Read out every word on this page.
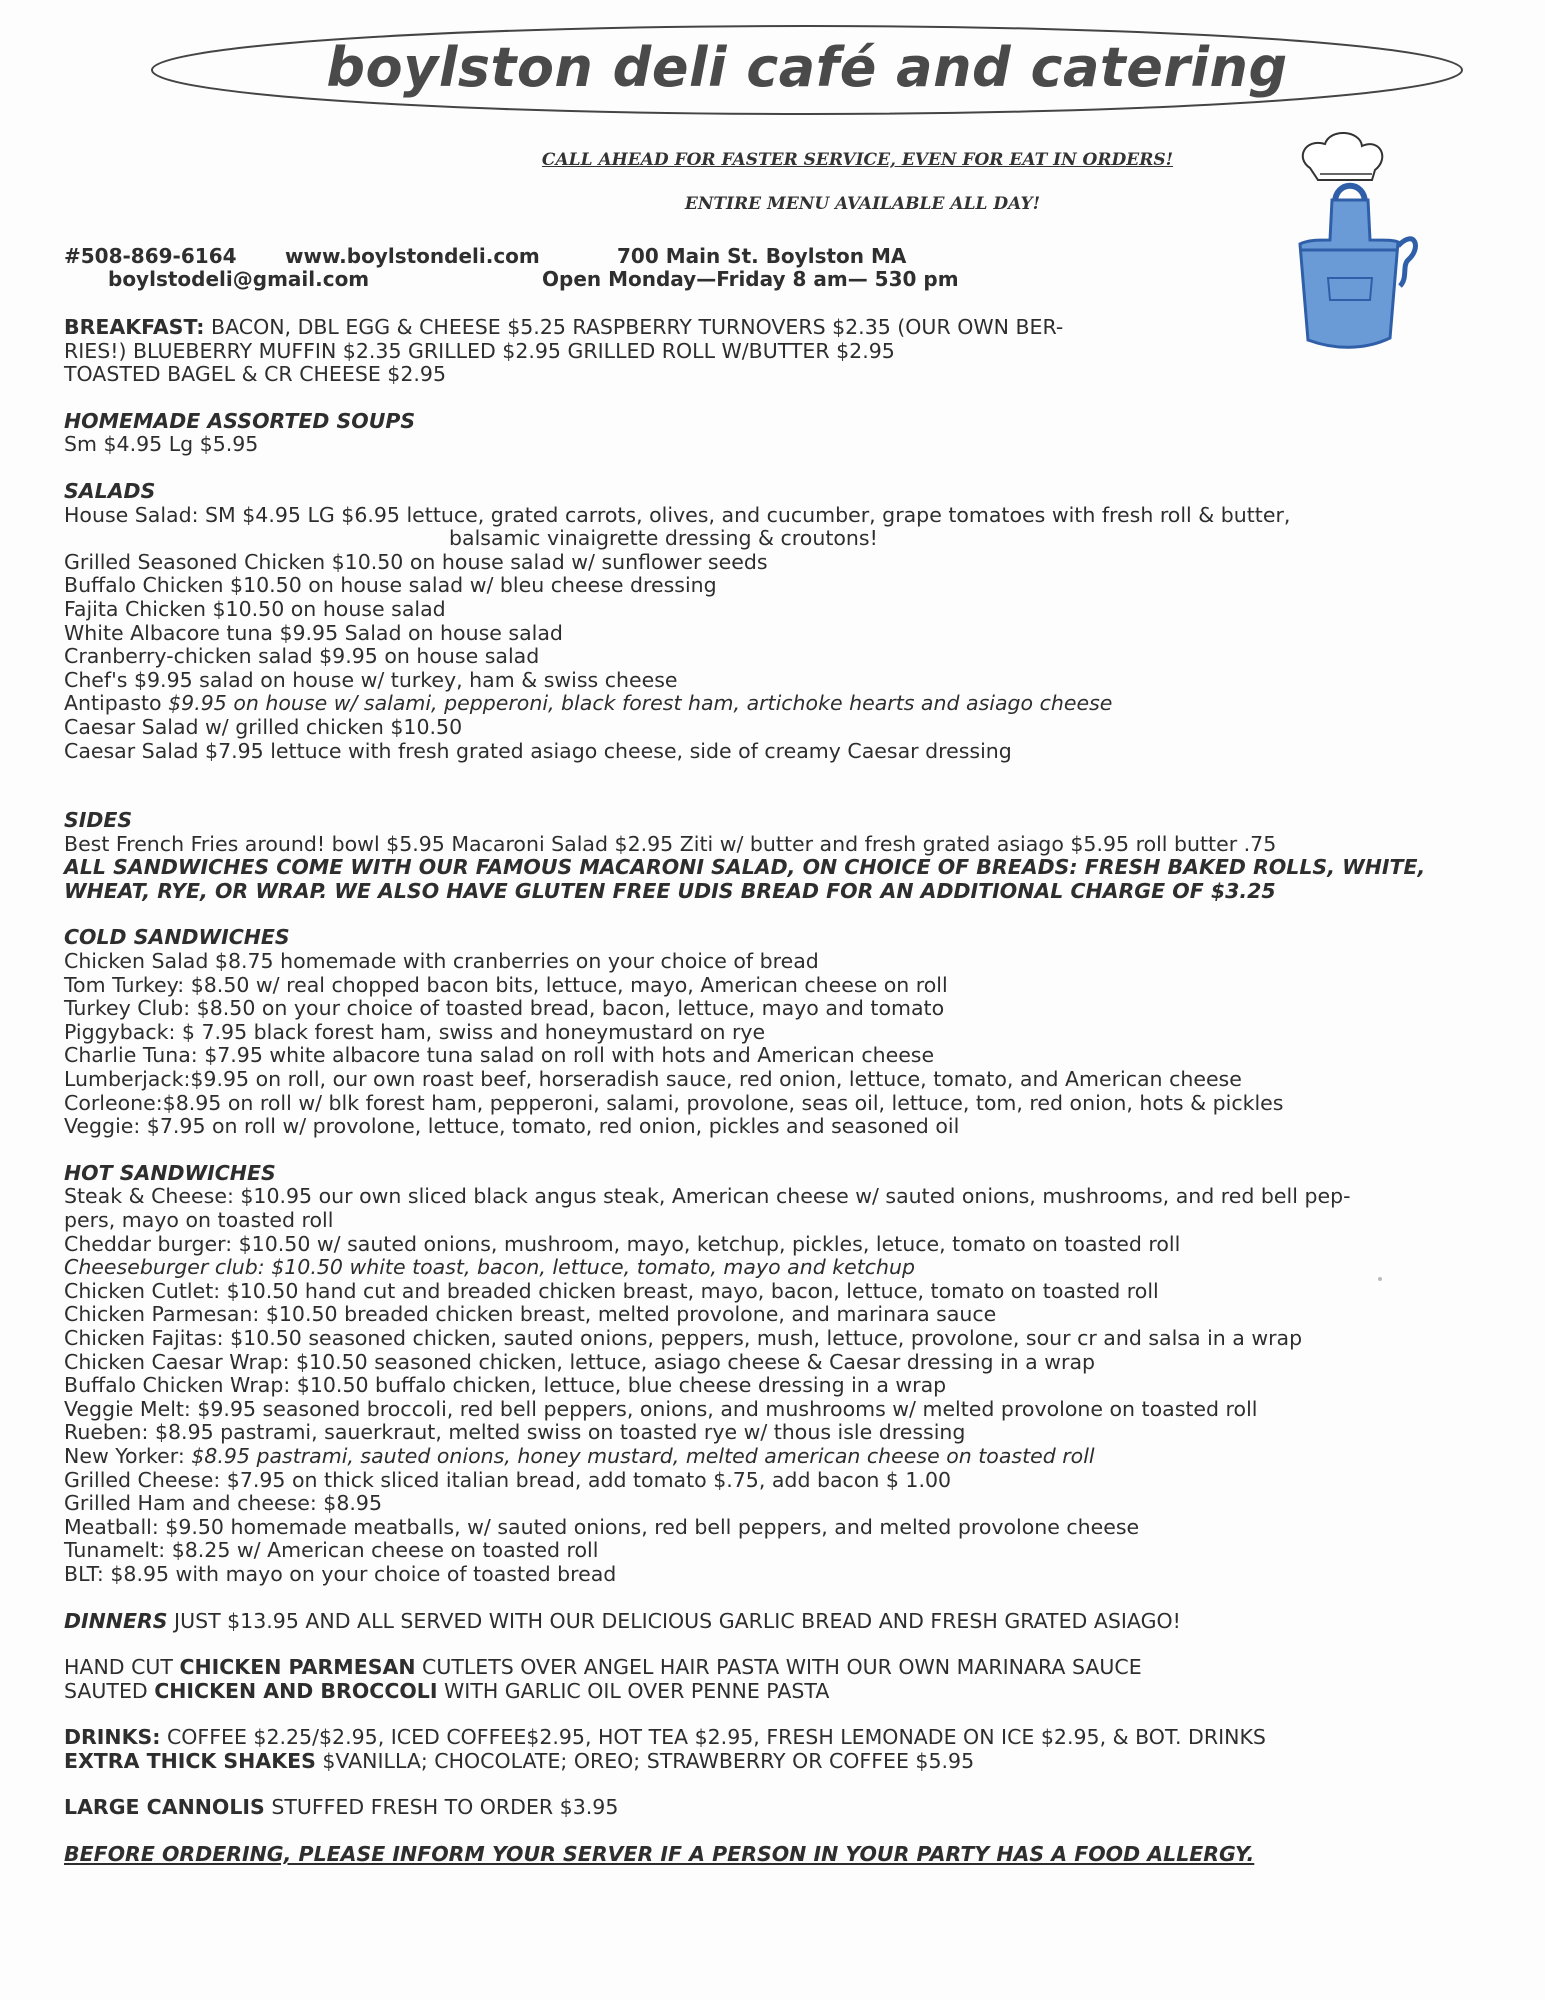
boylston deli café and catering
CALL AHEAD FOR FASTER SERVICE, EVEN FOR EAT IN ORDERS!
ENTIRE MENU AVAILABLE ALL DAY!
#508-869-6164 www.boylstondeli.com	700 Main St. Boylston MA
boylstodeli@gmail.com	Open Monday—Friday 8 am— 530 pm
BREAKFAST: BACON, DBL EGG & CHEESE $5.25 RASPBERRY TURNOVERS $2.35 (OUR OWN BER-
RIES!) BLUEBERRY MUFFIN $2.35 GRILLED $2.95 GRILLED ROLL W/BUTTER $2.95
TOASTED BAGEL & CR CHEESE $2.95
HOMEMADE ASSORTED SOUPS
Sm $4.95 Lg $5.95
SALADS
House Salad: SM $4.95 LG $6.95 lettuce, grated carrots, olives, and cucumber, grape tomatoes with fresh roll & butter,
balsamic vinaigrette dressing & croutons!
Grilled Seasoned Chicken $10.50 on house salad w/ sunflower seeds
Buffalo Chicken $10.50 on house salad w/ bleu cheese dressing
Fajita Chicken $10.50 on house salad
White Albacore tuna $9.95 Salad on house salad
Cranberry-chicken salad $9.95 on house salad
Chef's $9.95 salad on house w/ turkey, ham & swiss cheese
Antipasto $9.95 on house w/ salami, pepperoni, black forest ham, artichoke hearts and asiago cheese
Caesar Salad w/ grilled chicken $10.50
Caesar Salad $7.95 lettuce with fresh grated asiago cheese, side of creamy Caesar dressing
SIDES
Best French Fries around! bowl $5.95 Macaroni Salad $2.95 Ziti w/ butter and fresh grated asiago $5.95 roll butter .75
ALL SANDWICHES COME WITH OUR FAMOUS MACARONI SALAD, ON CHOICE OF BREADS: FRESH BAKED ROLLS, WHITE, WHEAT, RYE, OR WRAP. WE ALSO HAVE GLUTEN FREE UDIS BREAD FOR AN ADDITIONAL CHARGE OF $3.25
COLD SANDWICHES
Chicken Salad $8.75 homemade with cranberries on your choice of bread
Tom Turkey: $8.50 w/ real chopped bacon bits, lettuce, mayo, American cheese on roll
Turkey Club: $8.50 on your choice of toasted bread, bacon, lettuce, mayo and tomato
Piggyback: $ 7.95 black forest ham, swiss and honeymustard on rye
Charlie Tuna: $7.95 white albacore tuna salad on roll with hots and American cheese
Lumberjack:$9.95 on roll, our own roast beef, horseradish sauce, red onion, lettuce, tomato, and American cheese
Corleone:$8.95 on roll w/ blk forest ham, pepperoni, salami, provolone, seas oil, lettuce, tom, red onion, hots & pickles
Veggie: $7.95 on roll w/ provolone, lettuce, tomato, red onion, pickles and seasoned oil
HOT SANDWICHES
Steak & Cheese: $10.95 our own sliced black angus steak, American cheese w/ sauted onions, mushrooms, and red bell pep-
pers, mayo on toasted roll
Cheddar burger: $10.50 w/ sauted onions, mushroom, mayo, ketchup, pickles, letuce, tomato on toasted roll
Cheeseburger club: $10.50 white toast, bacon, lettuce, tomato, mayo and ketchup
Chicken Cutlet: $10.50 hand cut and breaded chicken breast, mayo, bacon, lettuce, tomato on toasted roll
Chicken Parmesan: $10.50 breaded chicken breast, melted provolone, and marinara sauce
Chicken Fajitas: $10.50 seasoned chicken, sauted onions, peppers, mush, lettuce, provolone, sour cr and salsa in a wrap
Chicken Caesar Wrap: $10.50 seasoned chicken, lettuce, asiago cheese & Caesar dressing in a wrap
Buffalo Chicken Wrap: $10.50 buffalo chicken, lettuce, blue cheese dressing in a wrap
Veggie Melt: $9.95 seasoned broccoli, red bell peppers, onions, and mushrooms w/ melted provolone on toasted roll
Rueben: $8.95 pastrami, sauerkraut, melted swiss on toasted rye w/ thous isle dressing
New Yorker: $8.95 pastrami, sauted onions, honey mustard, melted american cheese on toasted roll
Grilled Cheese: $7.95 on thick sliced italian bread, add tomato $.75, add bacon $ 1.00
Grilled Ham and cheese: $8.95
Meatball: $9.50 homemade meatballs, w/ sauted onions, red bell peppers, and melted provolone cheese
Tunamelt: $8.25 w/ American cheese on toasted roll
BLT: $8.95 with mayo on your choice of toasted bread
DINNERS JUST $13.95 AND ALL SERVED WITH OUR DELICIOUS GARLIC BREAD AND FRESH GRATED ASIAGO!
HAND CUT CHICKEN PARMESAN CUTLETS OVER ANGEL HAIR PASTA WITH OUR OWN MARINARA SAUCE
SAUTED CHICKEN AND BROCCOLI WITH GARLIC OIL OVER PENNE PASTA
DRINKS: COFFEE $2.25/$2.95, ICED COFFEE$2.95, HOT TEA $2.95, FRESH LEMONADE ON ICE $2.95, & BOT. DRINKS
EXTRA THICK SHAKES $VANILLA; CHOCOLATE; OREO; STRAWBERRY OR COFFEE $5.95
LARGE CANNOLIS STUFFED FRESH TO ORDER $3.95
BEFORE ORDERING, PLEASE INFORM YOUR SERVER IF A PERSON IN YOUR PARTY HAS A FOOD ALLERGY.
